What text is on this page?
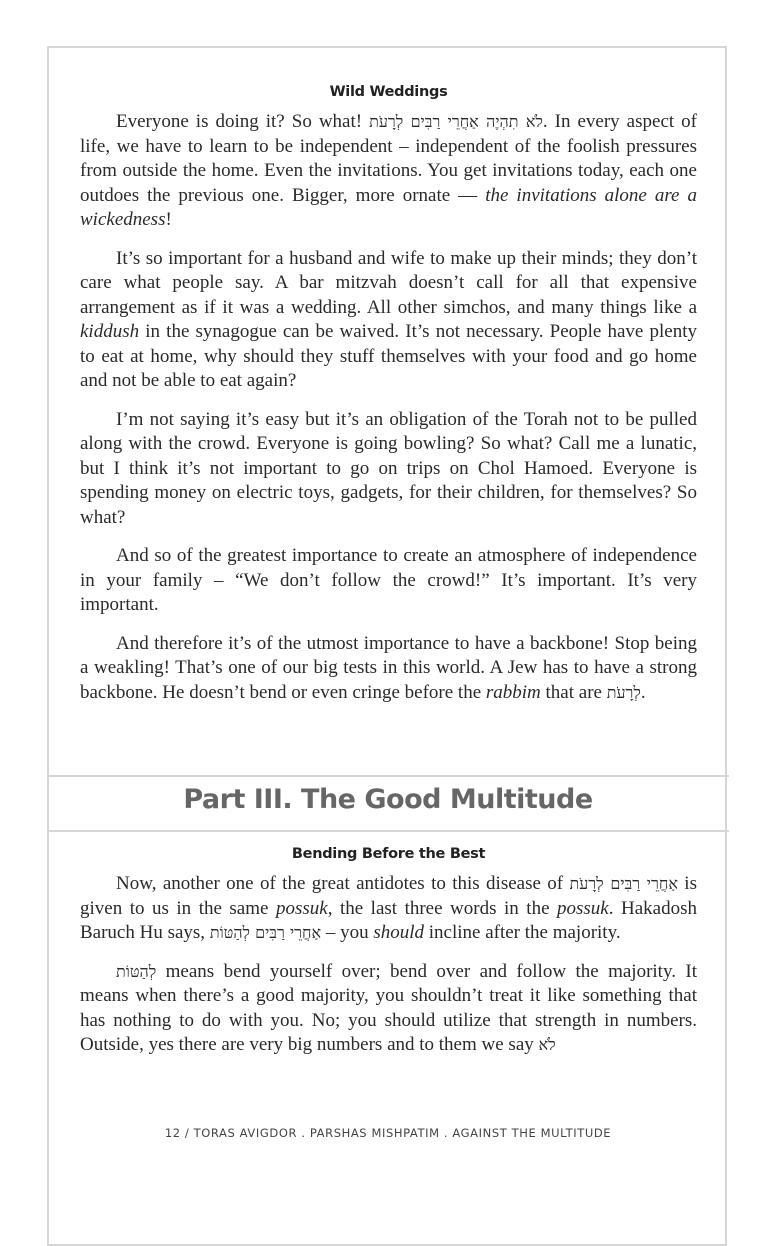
Wild Weddings

Everyone is doing it? So what! לֹא תִהְיֶה אַחֲרֵי רַבִּים לְרָעֹת. In every aspect of life, we have to learn to be independent – independent of the foolish pressures from outside the home. Even the invitations. You get invitations today, each one outdoes the previous one. Bigger, more ornate — the invitations alone are a wickedness!

It’s so important for a husband and wife to make up their minds; they don’t care what people say. A bar mitzvah doesn’t call for all that expensive arrangement as if it was a wedding. All other simchos, and many things like a kiddush in the synagogue can be waived. It’s not necessary. People have plenty to eat at home, why should they stuff themselves with your food and go home and not be able to eat again?

I’m not saying it’s easy but it’s an obligation of the Torah not to be pulled along with the crowd. Everyone is going bowling? So what? Call me a lunatic, but I think it’s not important to go on trips on Chol Hamoed. Everyone is spending money on electric toys, gadgets, for their children, for themselves? So what?

And so of the greatest importance to create an atmosphere of independence in your family – “We don’t follow the crowd!” It’s important. It’s very important.

And therefore it’s of the utmost importance to have a backbone! Stop being a weakling! That’s one of our big tests in this world. A Jew has to have a strong backbone. He doesn’t bend or even cringe before the rabbim that are לְרָעֹת.

Part III. The Good Multitude
Bending Before the Best

Now, another one of the great antidotes to this disease of אַחֲרֵי רַבִּים לְרָעֹת is given to us in the same possuk, the last three words in the possuk. Hakadosh Baruch Hu says, אַחֲרֵי רַבִּים לְהַטּוֹת – you should incline after the majority.

לְהַטּוֹת means bend yourself over; bend over and follow the majority. It means when there’s a good majority, you shouldn’t treat it like something that has nothing to do with you. No; you should utilize that strength in numbers. Outside, yes there are very big numbers and to them we say לֹא

12 / TORAS AVIGDOR . PARSHAS MISHPATIM . AGAINST THE MULTITUDE
